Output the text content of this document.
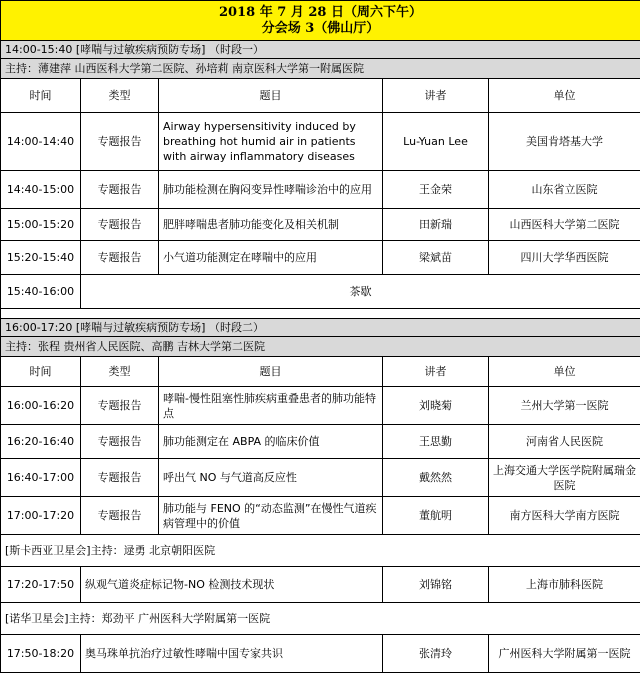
2018 年 7 月 28 日（周六下午）
分会场 3（佛山厅）				

14:00-15:40 [哮喘与过敏疾病预防专场] （时段一）				
主持：薄建萍 山西医科大学第二医院、孙培莉 南京医科大学第一附属医院				
时间	类型	题目	讲者	单位
14:00-14:40	专题报告	Airway hypersensitivity induced by breathing hot humid air in patients with airway inflammatory diseases	Lu-Yuan Lee	美国肯塔基大学
14:40-15:00	专题报告	肺功能检测在胸闷变异性哮喘诊治中的应用	王金荣	山东省立医院
15:00-15:20	专题报告	肥胖哮喘患者肺功能变化及相关机制	田新瑞	山西医科大学第二医院
15:20-15:40	专题报告	小气道功能测定在哮喘中的应用	梁斌苗	四川大学华西医院
15:40-16:00	茶歇			

16:00-17:20 [哮喘与过敏疾病预防专场] （时段二）				
主持：张程 贵州省人民医院、高鹏 吉林大学第二医院				
时间	类型	题目	讲者	单位
16:00-16:20	专题报告	哮喘-慢性阻塞性肺疾病重叠患者的肺功能特点	刘晓菊	兰州大学第一医院
16:20-16:40	专题报告	肺功能测定在 ABPA 的临床价值	王思勤	河南省人民医院
16:40-17:00	专题报告	呼出气 NO 与气道高反应性	戴然然	上海交通大学医学院附属瑞金医院
17:00-17:20	专题报告	肺功能与 FENO 的“动态监测”在慢性气道疾病管理中的价值	董航明	南方医科大学南方医院
[斯卡西亚卫星会]主持：逯勇 北京朝阳医院				
17:20-17:50	纵观气道炎症标记物-NO 检测技术现状		刘锦铭	上海市肺科医院
[诺华卫星会]主持：郑劲平 广州医科大学附属第一医院				
17:50-18:20	奥马珠单抗治疗过敏性哮喘中国专家共识		张清玲	广州医科大学附属第一医院
